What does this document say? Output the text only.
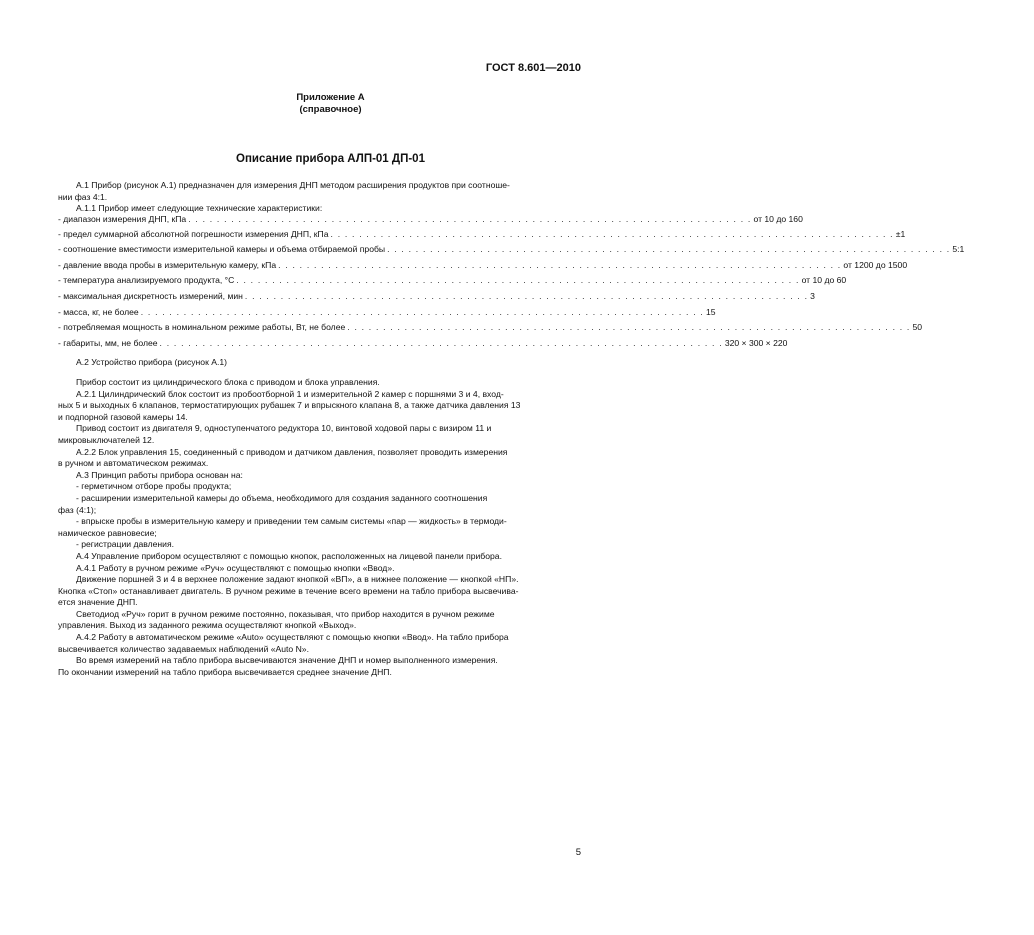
ГОСТ 8.601—2010
Приложение А
(справочное)
Описание прибора АЛП-01 ДП-01

А.1 Прибор (рисунок А.1) предназначен для измерения ДНП методом расширения продуктов при соотноше-

нии фаз 4:1.

А.1.1 Прибор имеет следующие технические характеристики:

- диапазон измерения ДНП, кПа . . . . . . . . . . . . . . . . . . . . . . . . . . . . . . . . . . . . . . . . . . . . . . . . . . . . . . . . . . . . . . . . . . . . . . . . . . . . . . . от 10 до 160
- предел суммарной абсолютной погрешности измерения ДНП, кПа . . . . . . . . . . . . . . . . . . . . . . . . . . . . . . . . . . . . . . . . . . . . . . . . . . . . . . . . . . . . . . . . . . . . . . . . . . . . . . . ±1
- соотношение вместимости измерительной камеры и объема отбираемой пробы . . . . . . . . . . . . . . . . . . . . . . . . . . . . . . . . . . . . . . . . . . . . . . . . . . . . . . . . . . . . . . . . . . . . . . . . . . . . . . . 5:1
- давление ввода пробы в измерительную камеру, кПа . . . . . . . . . . . . . . . . . . . . . . . . . . . . . . . . . . . . . . . . . . . . . . . . . . . . . . . . . . . . . . . . . . . . . . . . . . . . . . . от 1200 до 1500
- температура анализируемого продукта, °С . . . . . . . . . . . . . . . . . . . . . . . . . . . . . . . . . . . . . . . . . . . . . . . . . . . . . . . . . . . . . . . . . . . . . . . . . . . . . . . от 10 до 60
- максимальная дискретность измерений, мин . . . . . . . . . . . . . . . . . . . . . . . . . . . . . . . . . . . . . . . . . . . . . . . . . . . . . . . . . . . . . . . . . . . . . . . . . . . . . . . 3
- масса, кг, не более . . . . . . . . . . . . . . . . . . . . . . . . . . . . . . . . . . . . . . . . . . . . . . . . . . . . . . . . . . . . . . . . . . . . . . . . . . . . . . . 15
- потребляемая мощность в номинальном режиме работы, Вт, не более . . . . . . . . . . . . . . . . . . . . . . . . . . . . . . . . . . . . . . . . . . . . . . . . . . . . . . . . . . . . . . . . . . . . . . . . . . . . . . . 50
- габариты, мм, не более . . . . . . . . . . . . . . . . . . . . . . . . . . . . . . . . . . . . . . . . . . . . . . . . . . . . . . . . . . . . . . . . . . . . . . . . . . . . . . . 320 × 300 × 220

А.2 Устройство прибора (рисунок А.1)

Прибор состоит из цилиндрического блока с приводом и блока управления.

А.2.1 Цилиндрический блок состоит из пробоотборной 1 и измерительной 2 камер с поршнями 3 и 4, вход-

ных 5 и выходных 6 клапанов, термостатирующих рубашек 7 и впрыскного клапана 8, а также датчика давления 13

и подпорной газовой камеры 14.

Привод состоит из двигателя 9, одноступенчатого редуктора 10, винтовой ходовой пары с визиром 11 и

микровыключателей 12.

А.2.2 Блок управления 15, соединенный с приводом и датчиком давления, позволяет проводить измерения

в ручном и автоматическом режимах.

А.3 Принцип работы прибора основан на:

- герметичном отборе пробы продукта;

- расширении измерительной камеры до объема, необходимого для создания заданного соотношения

фаз (4:1);

- впрыске пробы в измерительную камеру и приведении тем самым системы «пар — жидкость» в термоди-

намическое равновесие;

- регистрации давления.

А.4 Управление прибором осуществляют с помощью кнопок, расположенных на лицевой панели прибора.

А.4.1 Работу в ручном режиме «Руч» осуществляют с помощью кнопки «Ввод».

Движение поршней 3 и 4 в верхнее положение задают кнопкой «ВП», а в нижнее положение — кнопкой «НП».

Кнопка «Стоп» останавливает двигатель. В ручном режиме в течение всего времени на табло прибора высвечива-

ется значение ДНП.

Светодиод «Руч» горит в ручном режиме постоянно, показывая, что прибор находится в ручном режиме

управления. Выход из заданного режима осуществляют кнопкой «Выход».

А.4.2 Работу в автоматическом режиме «Auto» осуществляют с помощью кнопки «Ввод». На табло прибора

высвечивается количество задаваемых наблюдений «Auto N».

Во время измерений на табло прибора высвечиваются значение ДНП и номер выполненного измерения.

По окончании измерений на табло прибора высвечивается среднее значение ДНП.

5
